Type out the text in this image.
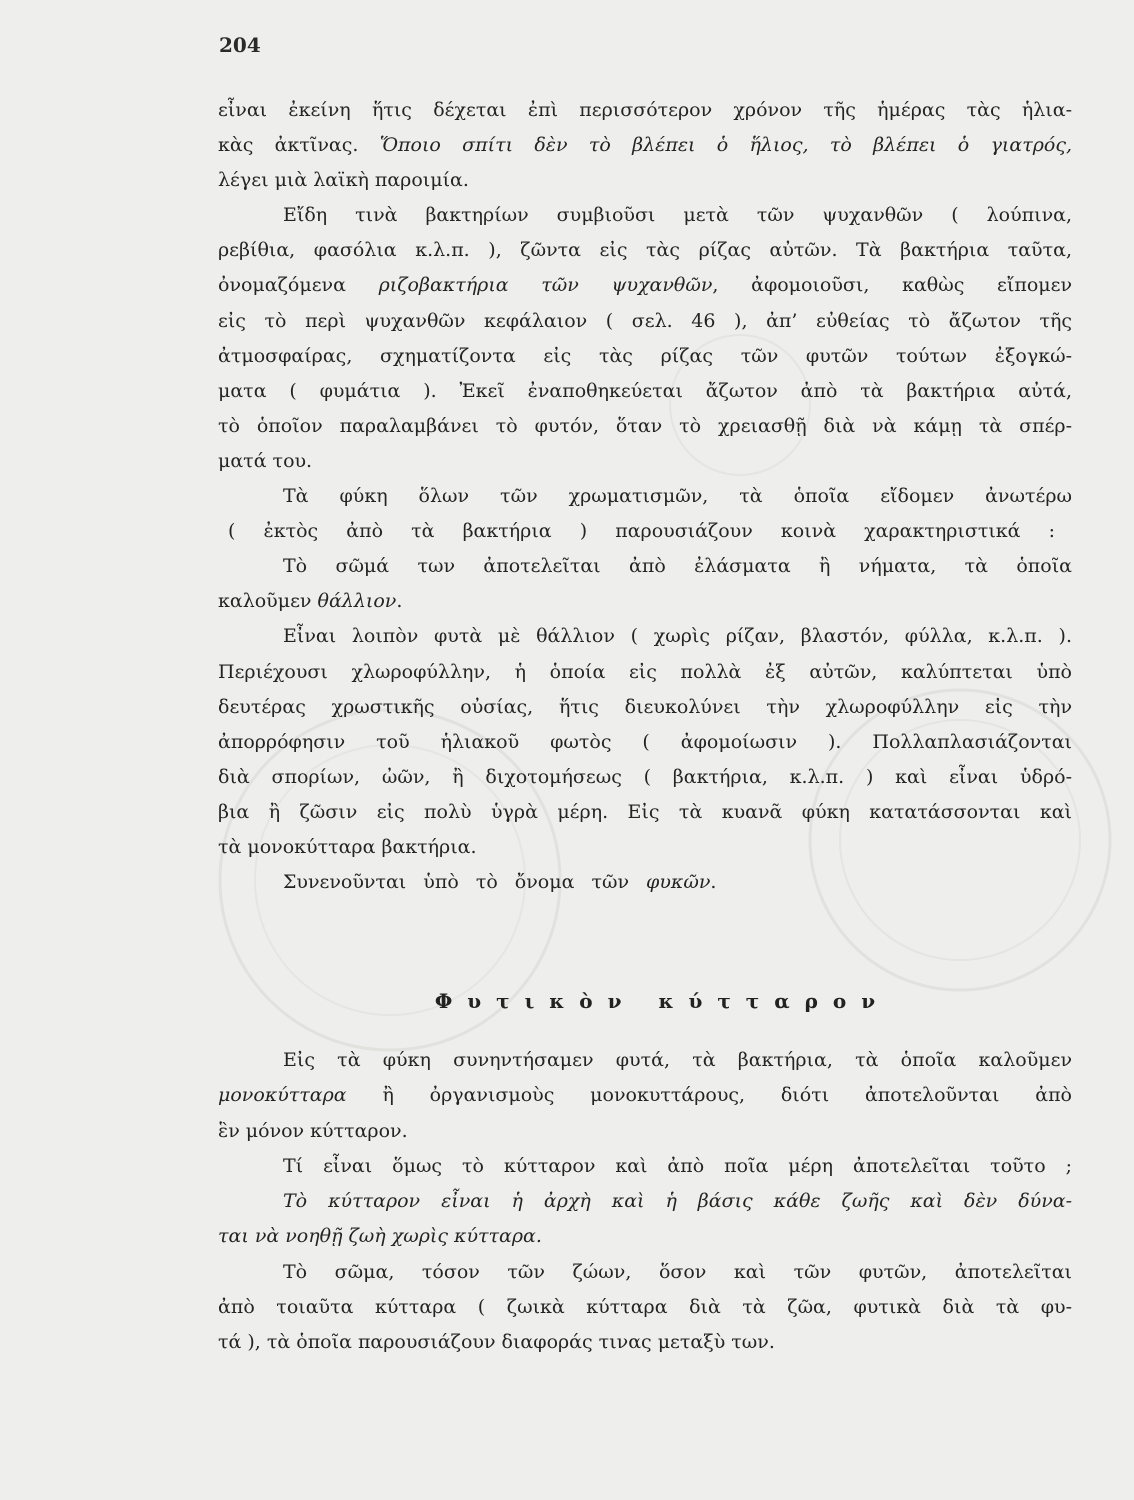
204
εἶναι ἐκείνη ἥτις δέχεται ἐπὶ περισσότερον χρόνον τῆς ἡμέρας τὰς ἡλια-
κὰς ἀκτῖνας. Ὅποιο σπίτι δὲν τὸ βλέπει ὁ ἥλιος, τὸ βλέπει ὁ γιατρός,
λέγει μιὰ λαϊκὴ παροιμία.
Εἴδη τινὰ βακτηρίων συμβιοῦσι μετὰ τῶν ψυχανθῶν ( λούπινα,
ρεβίθια, φασόλια κ.λ.π. ), ζῶντα εἰς τὰς ρίζας αὐτῶν. Τὰ βακτήρια ταῦτα,
ὀνομαζόμενα ριζοβακτήρια τῶν ψυχανθῶν, ἀφομοιοῦσι, καθὼς εἴπομεν
εἰς τὸ περὶ ψυχανθῶν κεφάλαιον ( σελ. 46 ), ἀπ’ εὐθείας τὸ ἄζωτον τῆς
ἀτμοσφαίρας, σχηματίζοντα εἰς τὰς ρίζας τῶν φυτῶν τούτων ἐξογκώ-
ματα ( φυμάτια ). Ἐκεῖ ἐναποθηκεύεται ἄζωτον ἀπὸ τὰ βακτήρια αὐτά,
τὸ ὁποῖον παραλαμβάνει τὸ φυτόν, ὅταν τὸ χρειασθῇ διὰ νὰ κάμῃ τὰ σπέρ-
ματά του.
Τὰ φύκη ὅλων τῶν χρωματισμῶν, τὰ ὁποῖα εἴδομεν ἀνωτέρω
( ἐκτὸς ἀπὸ τὰ βακτήρια ) παρουσιάζουν κοινὰ χαρακτηριστικά :
Τὸ σῶμά των ἀποτελεῖται ἀπὸ ἐλάσματα ἢ νήματα, τὰ ὁποῖα
καλοῦμεν θάλλιον.
Εἶναι λοιπὸν φυτὰ μὲ θάλλιον ( χωρὶς ρίζαν, βλαστόν, φύλλα, κ.λ.π. ).
Περιέχουσι χλωροφύλλην, ἡ ὁποία εἰς πολλὰ ἐξ αὐτῶν, καλύπτεται ὑπὸ
δευτέρας χρωστικῆς οὐσίας, ἥτις διευκολύνει τὴν χλωροφύλλην εἰς τὴν
ἀπορρόφησιν τοῦ ἡλιακοῦ φωτὸς ( ἀφομοίωσιν ). Πολλαπλασιάζονται
διὰ σπορίων, ὠῶν, ἢ διχοτομήσεως ( βακτήρια, κ.λ.π. ) καὶ εἶναι ὑδρό-
βια ἢ ζῶσιν εἰς πολὺ ὑγρὰ μέρη. Εἰς τὰ κυανᾶ φύκη κατατάσσονται καὶ
τὰ μονοκύτταρα βακτήρια.
Συνενοῦνται ὑπὸ τὸ ὄνομα τῶν φυκῶν.
Φυτικὸν κύτταρον
Εἰς τὰ φύκη συνηντήσαμεν φυτά, τὰ βακτήρια, τὰ ὁποῖα καλοῦμεν
μονοκύτταρα ἢ ὀργανισμοὺς μονοκυττάρους, διότι ἀποτελοῦνται ἀπὸ
ἓν μόνον κύτταρον.
Τί εἶναι ὅμως τὸ κύτταρον καὶ ἀπὸ ποῖα μέρη ἀποτελεῖται τοῦτο ;
Τὸ κύτταρον εἶναι ἡ ἀρχὴ καὶ ἡ βάσις κάθε ζωῆς καὶ δὲν δύνα-
ται νὰ νοηθῇ ζωὴ χωρὶς κύτταρα.
Τὸ σῶμα, τόσον τῶν ζώων, ὅσον καὶ τῶν φυτῶν, ἀποτελεῖται
ἀπὸ τοιαῦτα κύτταρα ( ζωικὰ κύτταρα διὰ τὰ ζῶα, φυτικὰ διὰ τὰ φυ-
τά ), τὰ ὁποῖα παρουσιάζουν διαφοράς τινας μεταξὺ των.
